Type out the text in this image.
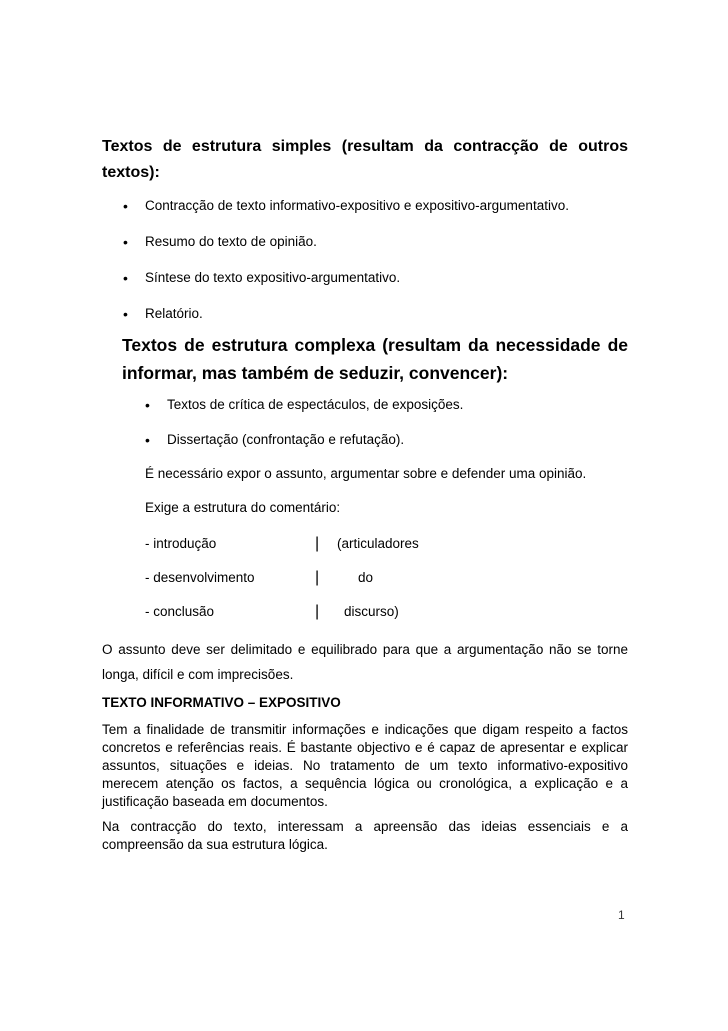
Textos de estrutura simples (resultam da contracção de outros textos):
• Contracção de texto informativo-expositivo e expositivo-argumentativo.
• Resumo do texto de opinião.
• Síntese do texto expositivo-argumentativo.
• Relatório.
Textos de estrutura complexa (resultam da necessidade de informar, mas também de seduzir, convencer):
• Textos de crítica de espectáculos, de exposições.
• Dissertação (confrontação e refutação).
É necessário expor o assunto, argumentar sobre e defender uma opinião.
Exige a estrutura do comentário:
- introdução	| (articuladores
- desenvolvimento	|	do
- conclusão	| discurso)
O assunto deve ser delimitado e equilibrado para que a argumentação não se torne longa, difícil e com imprecisões.
TEXTO INFORMATIVO – EXPOSITIVO
Tem a finalidade de transmitir informações e indicações que digam respeito a factos concretos e referências reais. É bastante objectivo e é capaz de apresentar e explicar assuntos, situações e ideias. No tratamento de um texto informativo-expositivo merecem atenção os factos, a sequência lógica ou cronológica, a explicação e a justificação baseada em documentos.
Na contracção do texto, interessam a apreensão das ideias essenciais e a compreensão da sua estrutura lógica.
1
